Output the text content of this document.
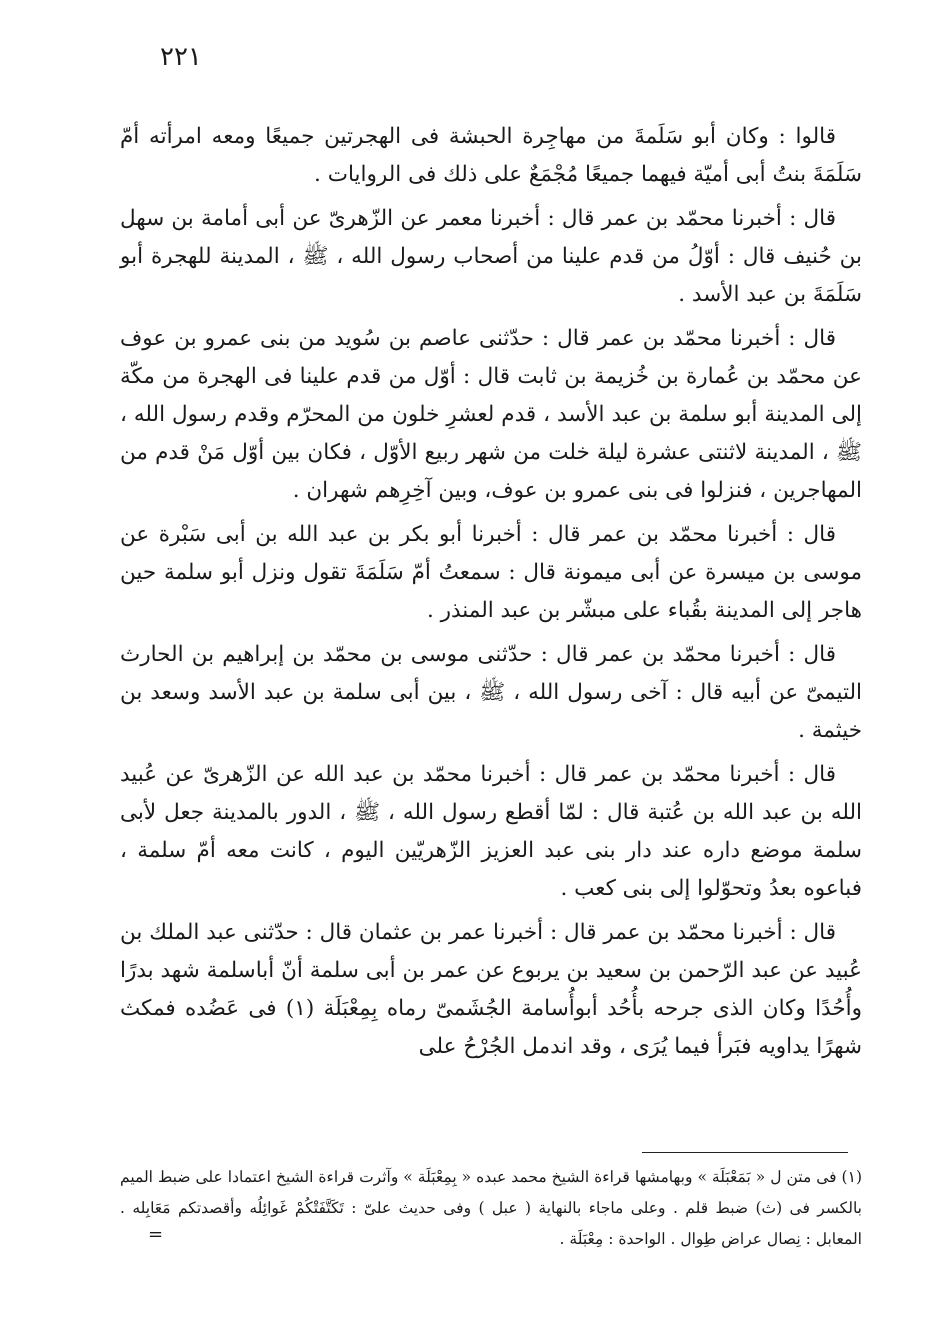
٢٢١

قالوا : وكان أبو سَلَمةَ من مهاجِرة الحبشة فى الهجرتين جميعًا ومعه امرأته أمّ سَلَمَةَ بنتُ أبى أميّة فيهما جميعًا مُجْمَعٌ على ذلك فى الروايات .

قال : أخبرنا محمّد بن عمر قال : أخبرنا معمر عن الزّهرىّ عن أبى أمامة بن سهل بن حُنيف قال : أوّلُ من قدم علينا من أصحاب رسول الله ، ﷺ ، المدينة للهجرة أبو سَلَمَةَ بن عبد الأسد .

قال : أخبرنا محمّد بن عمر قال : حدّثنى عاصم بن سُويد من بنى عمرو بن عوف عن محمّد بن عُمارة بن خُزيمة بن ثابت قال : أوّل من قدم علينا فى الهجرة من مكّة إلى المدينة أبو سلمة بن عبد الأسد ، قدم لعشرِ خلون من المحرّم وقدم رسول الله ، ﷺ ، المدينة لاثنتى عشرة ليلة خلت من شهر ربيع الأوّل ، فكان بين أوّل مَنْ قدم من المهاجرين ، فنزلوا فى بنى عمرو بن عوف، وبين آخِرِهم شهران .

قال : أخبرنا محمّد بن عمر قال : أخبرنا أبو بكر بن عبد الله بن أبى سَبْرة عن موسى بن ميسرة عن أبى ميمونة قال : سمعتُ أمّ سَلَمَةَ تقول ونزل أبو سلمة حين هاجر إلى المدينة بقُباء على مبشّر بن عبد المنذر .

قال : أخبرنا محمّد بن عمر قال : حدّثنى موسى بن محمّد بن إبراهيم بن الحارث التيمىّ عن أبيه قال : آخى رسول الله ، ﷺ ، بين أبى سلمة بن عبد الأسد وسعد بن خيثمة .

قال : أخبرنا محمّد بن عمر قال : أخبرنا محمّد بن عبد الله عن الزّهرىّ عن عُبيد الله بن عبد الله بن عُتبة قال : لمّا أقطع رسول الله ، ﷺ ، الدور بالمدينة جعل لأبى سلمة موضع داره عند دار بنى عبد العزيز الزّهريّين اليوم ، كانت معه أمّ سلمة ، فباعوه بعدُ وتحوّلوا إلى بنى كعب .

قال : أخبرنا محمّد بن عمر قال : أخبرنا عمر بن عثمان قال : حدّثنى عبد الملك بن عُبيد عن عبد الرّحمن بن سعيد بن يربوع عن عمر بن أبى سلمة أنّ أباسلمة شهد بدرًا وأُحُدًا وكان الذى جرحه بأُحُد أبوأُسامة الجُشَمىّ رماه بِمِعْبَلَة (١) فى عَضُده فمكث شهرًا يداويه فبَرأ فيما يُرَى ، وقد اندمل الجُرْحُ على

(١) فى متن ل « بَمَعْبَلَة » وبهامشها قراءة الشيخ محمد عبده « بِمِعْبَلَة » وآثرت قراءة الشيخ اعتمادا على ضبط الميم بالكسر فى (ث) ضبط قلم . وعلى ماجاء بالنهاية ( عبل ) وفى حديث علىّ : تَكَتَّفَتْكُمْ غَوائِلُه وأقصدتكم مَعَابِله . المعابل : نِصال عراض طِوال . الواحدة : مِعْبَلَة .

=
